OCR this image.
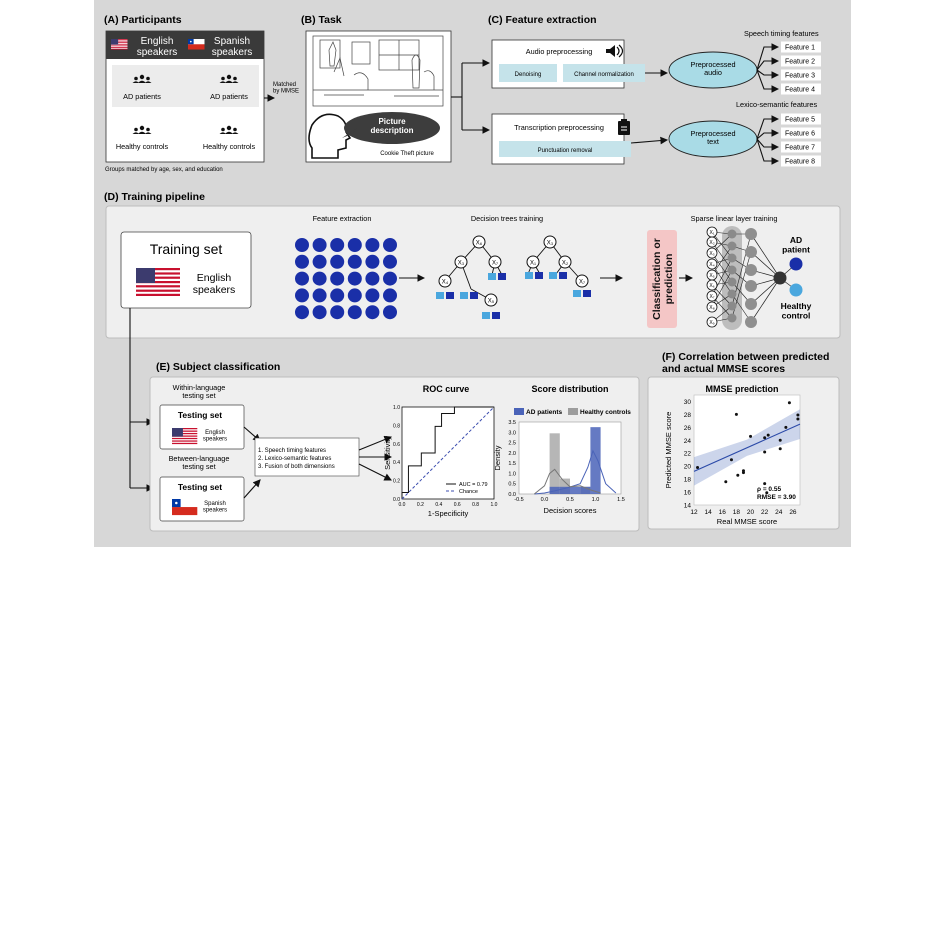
(A) Participants
English speakers
Spanish speakers
AD patients	AD patients
Healthy controls	Healthy controls
Matched by MMSE
Groups matched by age, sex, and education
(B) Task
Picture description
Cookie Theft picture
(C) Feature extraction
Audio preprocessing
Denoising	Channel normalization
Preprocessed audio
Transcription preprocessing
Punctuation removal
Preprocessed text
Speech timing features
Lexico-semantic features
Feature 1
Feature 2
Feature 3
Feature 4
Feature 5
Feature 6
Feature 7
Feature 8
(D) Training pipeline
Training set
English speakers
Feature extraction	Decision trees training
X₆
X₃	X₇
X₄
X₅
X₃
X₁	X₂
X₇
Sparse linear layer training
Classification orprediction
X₁
X₂
X₃
X₄
X₅
X₆
X₇
X₈
X₉
AD patient
Healthy control
(E) Subject classification
Within-language testing set
Testing set
English speakers
Between-language testing set
Testing set
Spanish speakers
1. Speech timing features
2. Lexico-semantic features
3. Fusion of both dimensions
ROC curve
0.0
0.0
0.2
0.2
0.4
0.4
0.6
0.6
0.8
0.8
1.0
1.0
1-Specificity
Sensitivity
AUC = 0.79
Chance
Score distribution
AD patients	Healthy controls
0.0
0.5
1.0
1.5
2.0
2.5
3.0
3.5
-0.5	0.0	0.5	1.0	1.5
Decision scores
Density
(F) Correlation between predicted and actual MMSE scores
MMSE prediction
14
16
18
20
22
24
26
28
30
12 14 16 18 20 22 24 26
Real MMSE score
Predicted MMSE score
ρ = 0.55
RMSE = 3.90
